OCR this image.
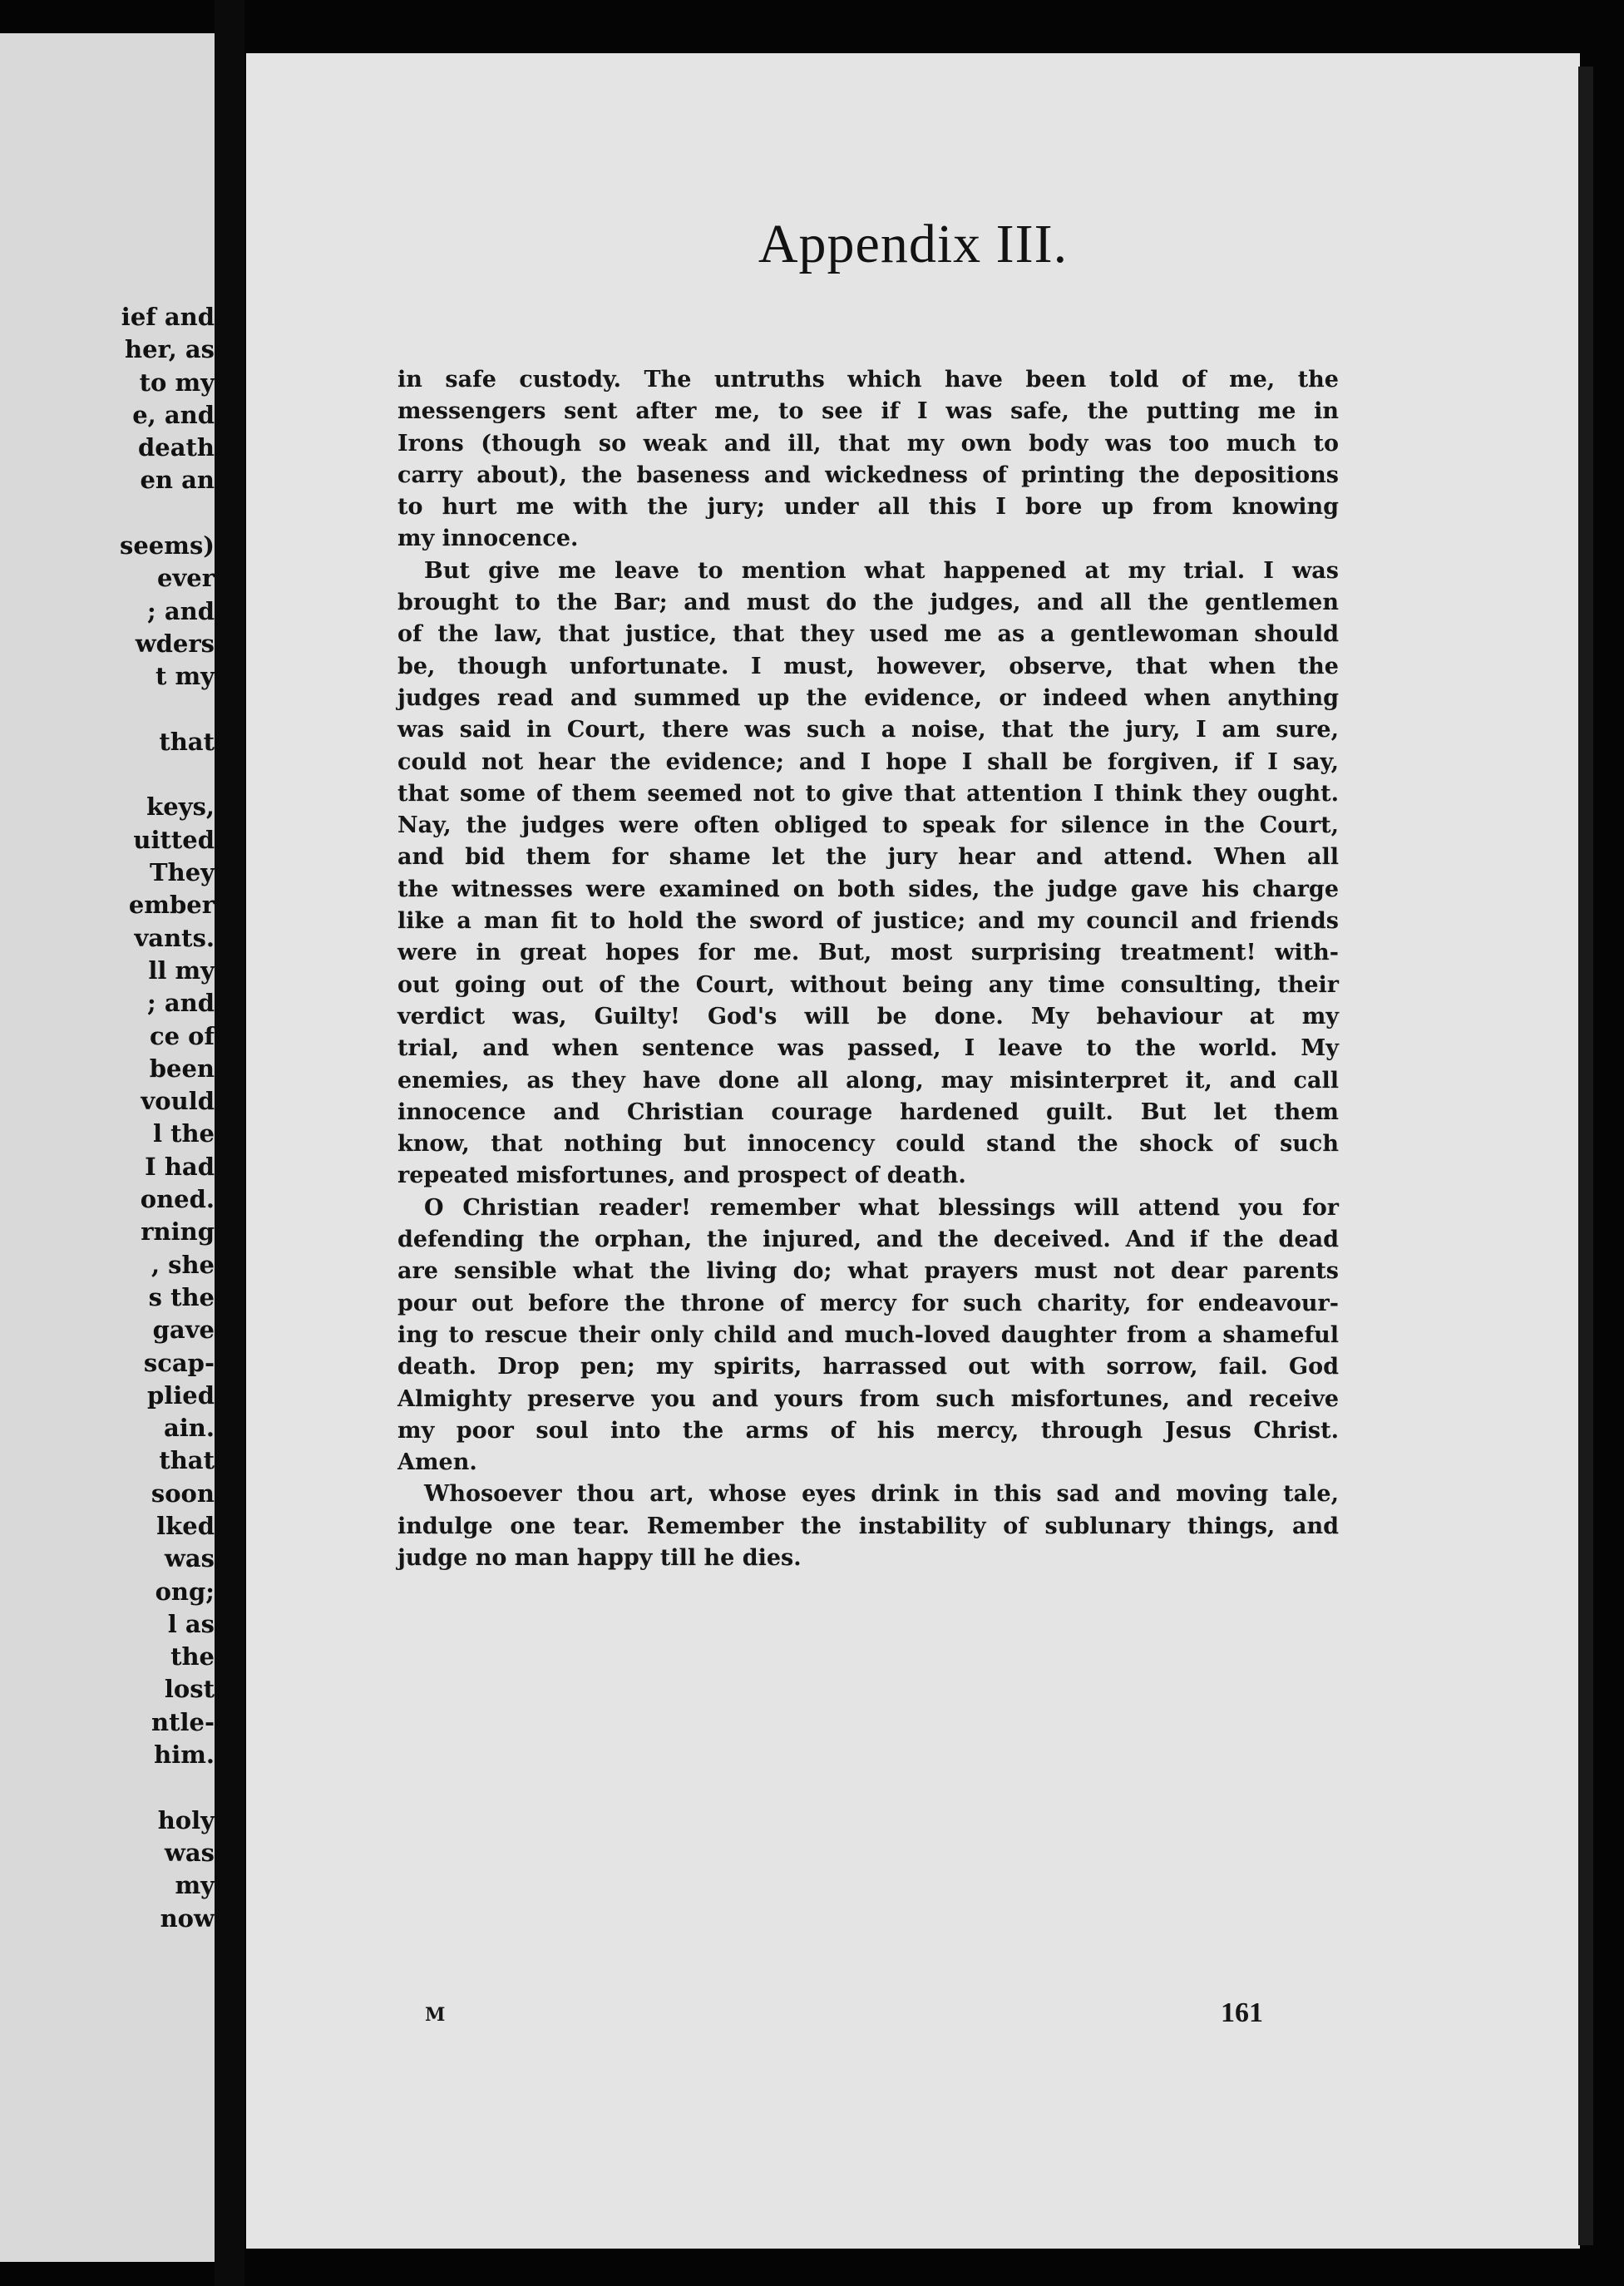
ief and
her, as
to my
e, and
death
en an
seems)
ever
; and
wders
t my
that
keys,
uitted
They
ember
vants.
ll my
; and
ce of
been
vould
l the
I had
oned.
rning
, she
s the
gave
scap-
plied
ain.
that
soon
lked
was
ong;
l as
the
lost
ntle-
him.
holy
was
my
now
Appendix III.
in safe custody. The untruths which have been told of me, the
messengers sent after me, to see if I was safe, the putting me in
Irons (though so weak and ill, that my own body was too much to
carry about), the baseness and wickedness of printing the depositions
to hurt me with the jury; under all this I bore up from knowing
my innocence.
But give me leave to mention what happened at my trial. I was
brought to the Bar; and must do the judges, and all the gentlemen
of the law, that justice, that they used me as a gentlewoman should
be, though unfortunate. I must, however, observe, that when the
judges read and summed up the evidence, or indeed when anything
was said in Court, there was such a noise, that the jury, I am sure,
could not hear the evidence; and I hope I shall be forgiven, if I say,
that some of them seemed not to give that attention I think they ought.
Nay, the judges were often obliged to speak for silence in the Court,
and bid them for shame let the jury hear and attend. When all
the witnesses were examined on both sides, the judge gave his charge
like a man fit to hold the sword of justice; and my council and friends
were in great hopes for me. But, most surprising treatment! with-
out going out of the Court, without being any time consulting, their
verdict was, Guilty! God's will be done. My behaviour at my
trial, and when sentence was passed, I leave to the world. My
enemies, as they have done all along, may misinterpret it, and call
innocence and Christian courage hardened guilt. But let them
know, that nothing but innocency could stand the shock of such
repeated misfortunes, and prospect of death.
O Christian reader! remember what blessings will attend you for
defending the orphan, the injured, and the deceived. And if the dead
are sensible what the living do; what prayers must not dear parents
pour out before the throne of mercy for such charity, for endeavour-
ing to rescue their only child and much-loved daughter from a shameful
death. Drop pen; my spirits, harrassed out with sorrow, fail. God
Almighty preserve you and yours from such misfortunes, and receive
my poor soul into the arms of his mercy, through Jesus Christ.
Amen.
Whosoever thou art, whose eyes drink in this sad and moving tale,
indulge one tear. Remember the instability of sublunary things, and
judge no man happy till he dies.
M	161
